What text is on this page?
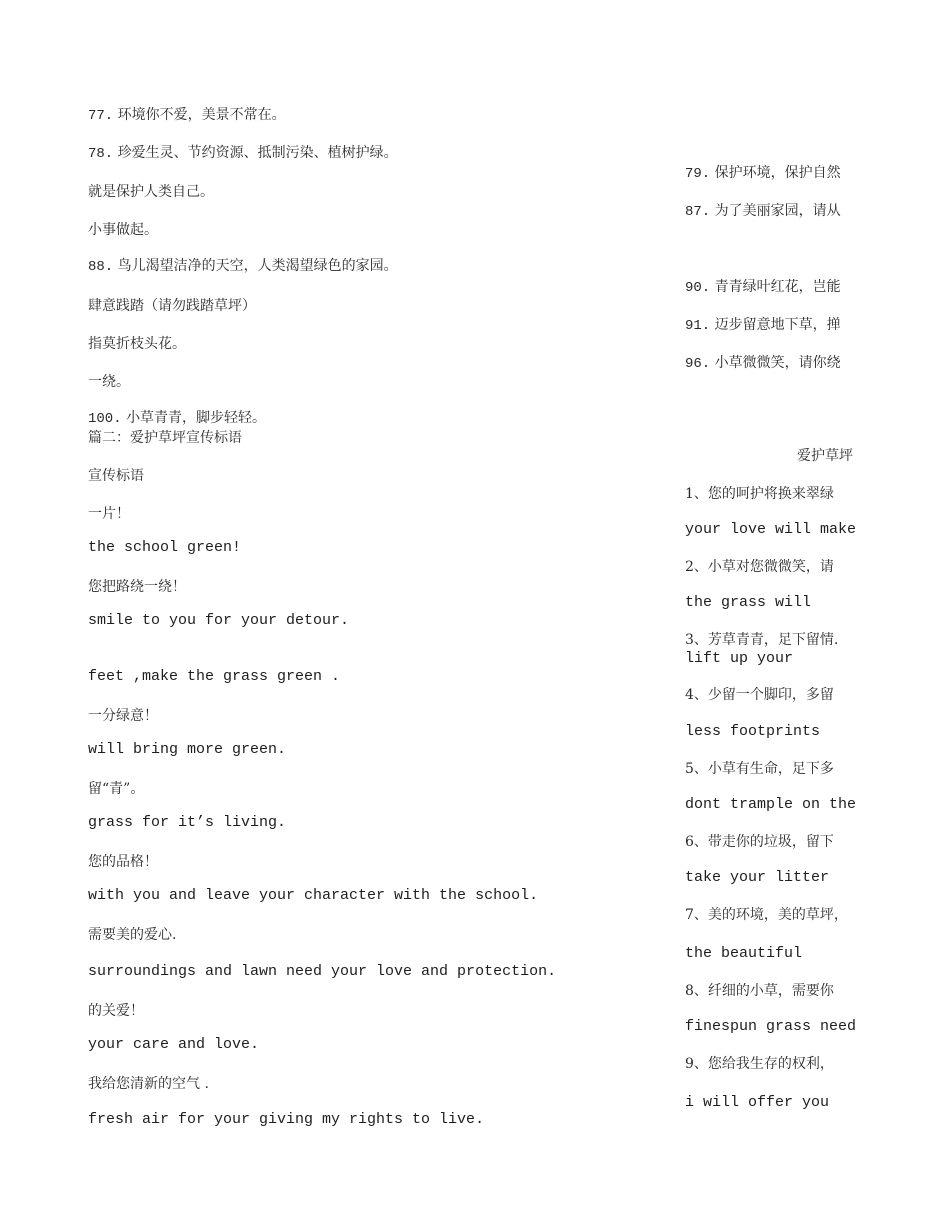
77. 环境你不爱，美景不常在。
78. 珍爱生灵、节约资源、抵制污染、植树护绿。
就是保护人类自己。
小事做起。
88. 鸟儿渴望洁净的天空，人类渴望绿色的家园。
肆意践踏（请勿践踏草坪）
指莫折枝头花。
一绕。
100. 小草青青，脚步轻轻。
篇二：爱护草坪宣传标语
宣传标语
一片！
the school green!
您把路绕一绕！
smile to you for your detour.
feet ,make the grass green .
一分绿意！
will bring more green.
留“青”。
grass for it’s living.
您的品格！
with you and leave your character with the school.
需要美的爱心.
surroundings and lawn need your love and protection.
的关爱！
your care and love.
我给您清新的空气 .
fresh air for your giving my rights to live.
79. 保护环境，保护自然
87. 为了美丽家园，请从
90. 青青绿叶红花，岂能
91. 迈步留意地下草，掸
96. 小草微微笑，请你绕
爱护草坪
1、您的呵护将换来翠绿
your love will make
2、小草对您微微笑，请
the grass will
3、芳草青青，足下留情.
lift up your
4、少留一个脚印，多留
less footprints
5、小草有生命，足下多
dont trample on the
6、带走你的垃圾，留下
take your litter
7、美的环境，美的草坪，
the beautiful
8、纤细的小草，需要你
finespun grass need
9、您给我生存的权利，
i will offer you
